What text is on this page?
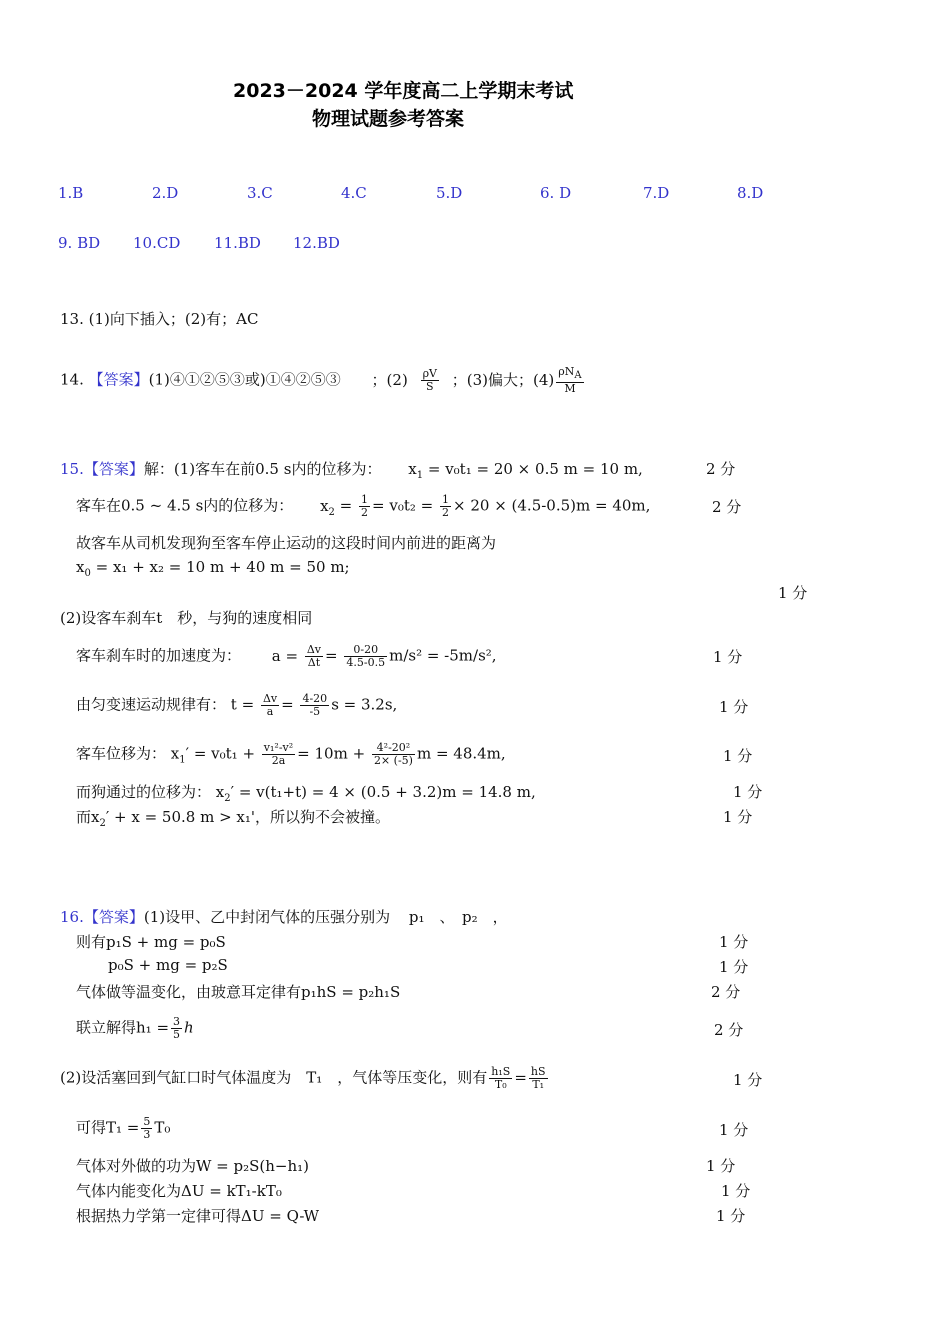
2023－2024 学年度高二上学期末考试
物理试题参考答案
1.B	2.D	3.C	4.C	5.D	6. D	7.D	8.D
9. BD 10.CD 11.BD 12.BD
13. (1)向下插入；(2)有；AC
14. 【答案】(1)④①②⑤③或)①④②⑤③ ；$(2) \frac{\rho V}{S}$ ；(3)偏大；$(4) \frac{\rho N_A}{M}$
15.【答案】解：(1)客车在前0.5 s内的位移为： $x_1 = v_0t_1 = 20 \times 0.5$ m = 10 m,	2 分
客车在0.5 ~ 4.5 s内的位移为： $x_2 = \frac{1}{2} = v_0t_2 = \frac{1}{2} \times 20 \times (4.5-0.5)m = 40m$,	2 分
故客车从司机发现狗至客车停止运动的这段时间内前进的距离为
$x_0 = x_1 + x_2 = 10$ m + 40 m = 50 m;
1 分
(2)设客车刹车t　秒，与狗的速度相同
客车刹车时的加速度为： $a = \frac{\Delta v}{\Delta t} = \frac{0-20}{4.5-0.5} m/s^2 = -5m/s^2$,	1 分
由匀变速运动规律有： $t = \frac{\Delta v}{a} = \frac{4-20}{-5}$ s = 3.2s,	1 分
客车位移为： $x_1' = v_0t_1 + \frac{\text{v₁²-v²}}{2a} = 10m + \frac{\text{4²-20²}}{2\times (-5)}$ m = 48.4m,	1 分
而狗通过的位移为： $x_2' = v(t_1+t) = 4 \times (0.5 + 3.2)m = 14.8$ m,	1 分
而$x_2' + x = 50.8$ m > x₁'，所以狗不会被撞。	1 分
16.【答案】(1)设甲、乙中封闭气体的压强分别为 p₁　、　p₂　，
则有p₁S + mg = p₀S	1 分
p₀S + mg = p₂S	1 分
气体做等温变化，由玻意耳定律有p₁hS = p₂h₁S	2 分
联立解得$h_1 = \frac{3}{5}$ h	2 分
(2)设活塞回到气缸口时气体温度为　T₁　，气体等压变化，则有 $\frac{\text{h₁S}}{\text{T₀}} = \frac{hS}{\text{T₁}}$	1 分
可得$T_1 = \frac{5}{3} T_0$	1 分
气体对外做的功为W = p₂S(h−h₁)	1 分
气体内能变化为ΔU = kT₁-kT₀	1 分
根据热力学第一定律可得ΔU = Q-W	1 分
